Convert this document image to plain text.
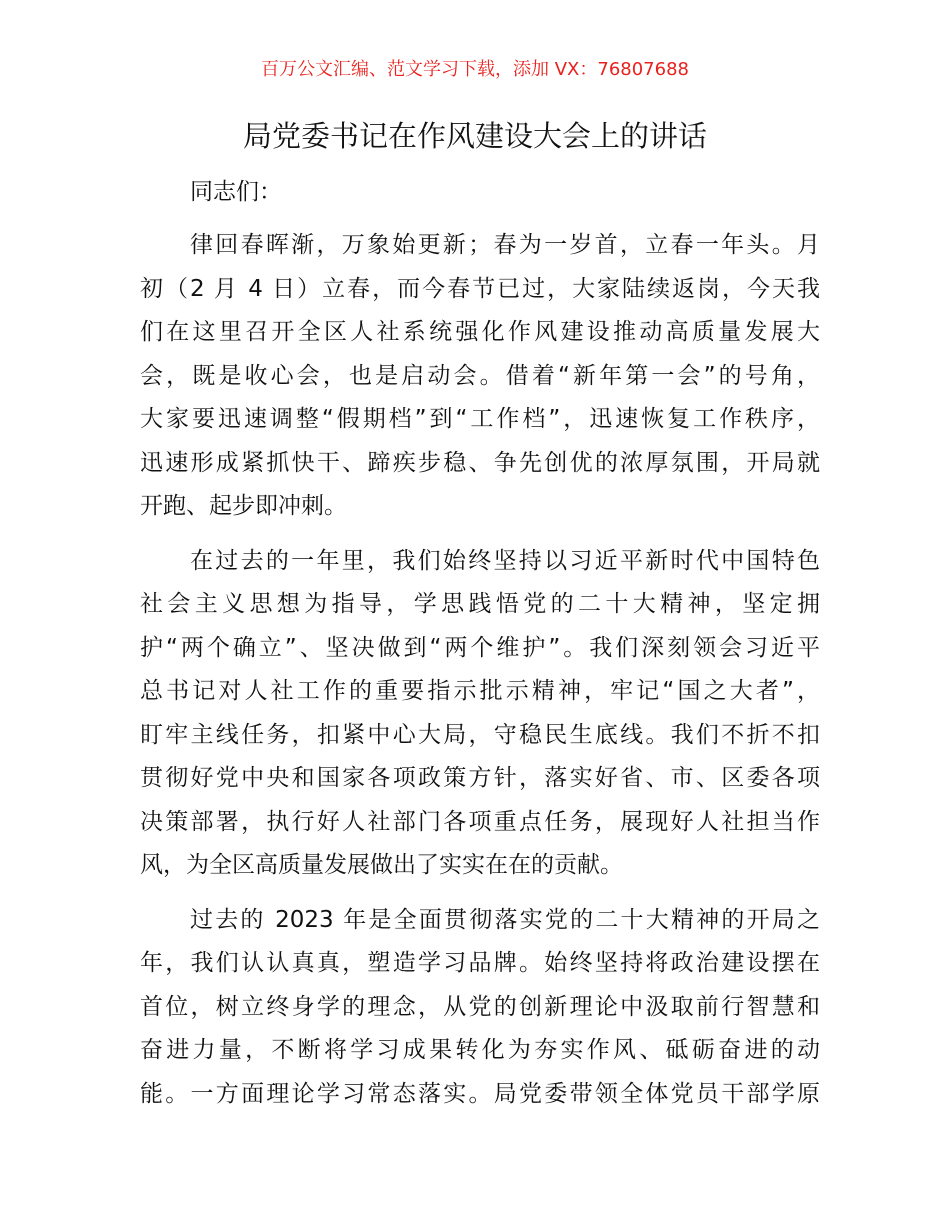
百万公文汇编、范文学习下载，添加 VX：76807688
局党委书记在作风建设大会上的讲话
同志们：

律回春晖渐，万象始更新；春为一岁首，立春一年头。月
初（2 月 4 日）立春，而今春节已过，大家陆续返岗，今天我
们在这里召开全区人社系统强化作风建设推动高质量发展大
会，既是收心会，也是启动会。借着“新年第一会”的号角，
大家要迅速调整“假期档”到“工作档”，迅速恢复工作秩序，
迅速形成紧抓快干、蹄疾步稳、争先创优的浓厚氛围，开局就
开跑、起步即冲刺。

在过去的一年里，我们始终坚持以习近平新时代中国特色
社会主义思想为指导，学思践悟党的二十大精神，坚定拥
护“两个确立”、坚决做到“两个维护”。我们深刻领会习近平
总书记对人社工作的重要指示批示精神，牢记“国之大者”，
盯牢主线任务，扣紧中心大局，守稳民生底线。我们不折不扣
贯彻好党中央和国家各项政策方针，落实好省、市、区委各项
决策部署，执行好人社部门各项重点任务，展现好人社担当作
风，为全区高质量发展做出了实实在在的贡献。

过去的 2023 年是全面贯彻落实党的二十大精神的开局之
年，我们认认真真，塑造学习品牌。始终坚持将政治建设摆在
首位，树立终身学的理念，从党的创新理论中汲取前行智慧和
奋进力量，不断将学习成果转化为夯实作风、砥砺奋进的动
能。一方面理论学习常态落实。局党委带领全体党员干部学原
